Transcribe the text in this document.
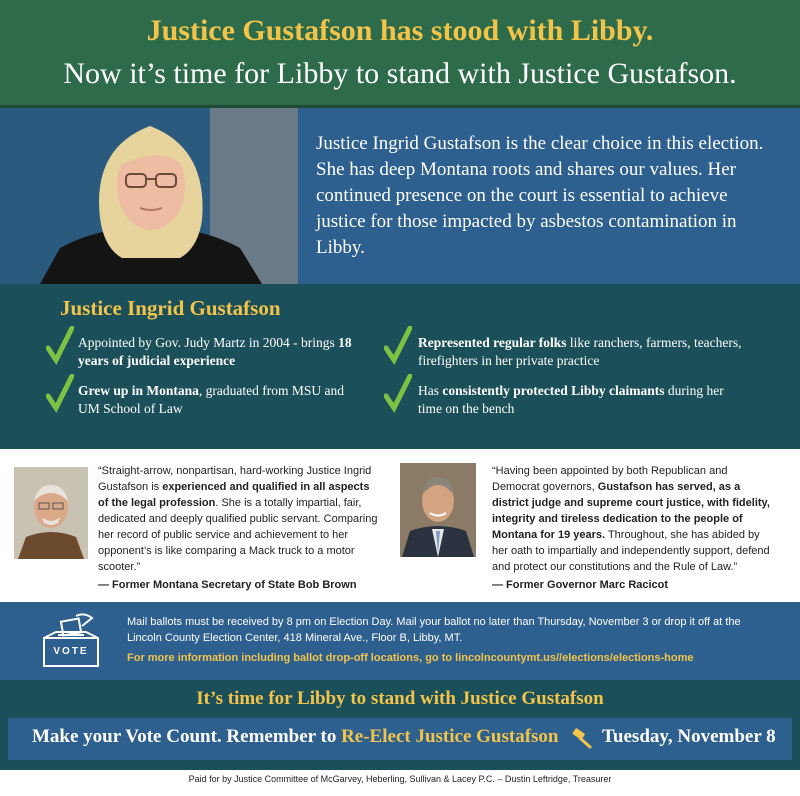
Justice Gustafson has stood with Libby.
Now it’s time for Libby to stand with Justice Gustafson.
Justice Ingrid Gustafson is the clear choice in this election. She has deep Montana roots and shares our values. Her continued presence on the court is essential to achieve justice for those impacted by asbestos contamination in Libby.
Justice Ingrid Gustafson
Appointed by Gov. Judy Martz in 2004 - brings 18 years of judicial experience
Represented regular folks like ranchers, farmers, teachers, firefighters in her private practice
Grew up in Montana, graduated from MSU and UM School of Law
Has consistently protected Libby claimants during her time on the bench
“Straight-arrow, nonpartisan, hard-working Justice Ingrid Gustafson is experienced and qualified in all aspects of the legal profession. She is a totally impartial, fair, dedicated and deeply qualified public servant. Comparing her record of public service and achievement to her opponent’s is like comparing a Mack truck to a motor scooter.”
— Former Montana Secretary of State Bob Brown
“Having been appointed by both Republican and Democrat governors, Gustafson has served, as a district judge and supreme court justice, with fidelity, integrity and tireless dedication to the people of Montana for 19 years. Throughout, she has abided by her oath to impartially and independently support, defend and protect our constitutions and the Rule of Law.”
— Former Governor Marc Racicot
VOTE
Mail ballots must be received by 8 pm on Election Day. Mail your ballot no later than Thursday, November 3 or drop it off at the Lincoln County Election Center, 418 Mineral Ave., Floor B, Libby, MT.
For more information including ballot drop-off locations, go to lincolncountymt.us//elections/elections-home
It’s time for Libby to stand with Justice Gustafson
Make your Vote Count. Remember to Re-Elect Justice Gustafson Tuesday, November 8
Paid for by Justice Committee of McGarvey, Heberling, Sullivan & Lacey P.C. – Dustin Leftridge, Treasurer
